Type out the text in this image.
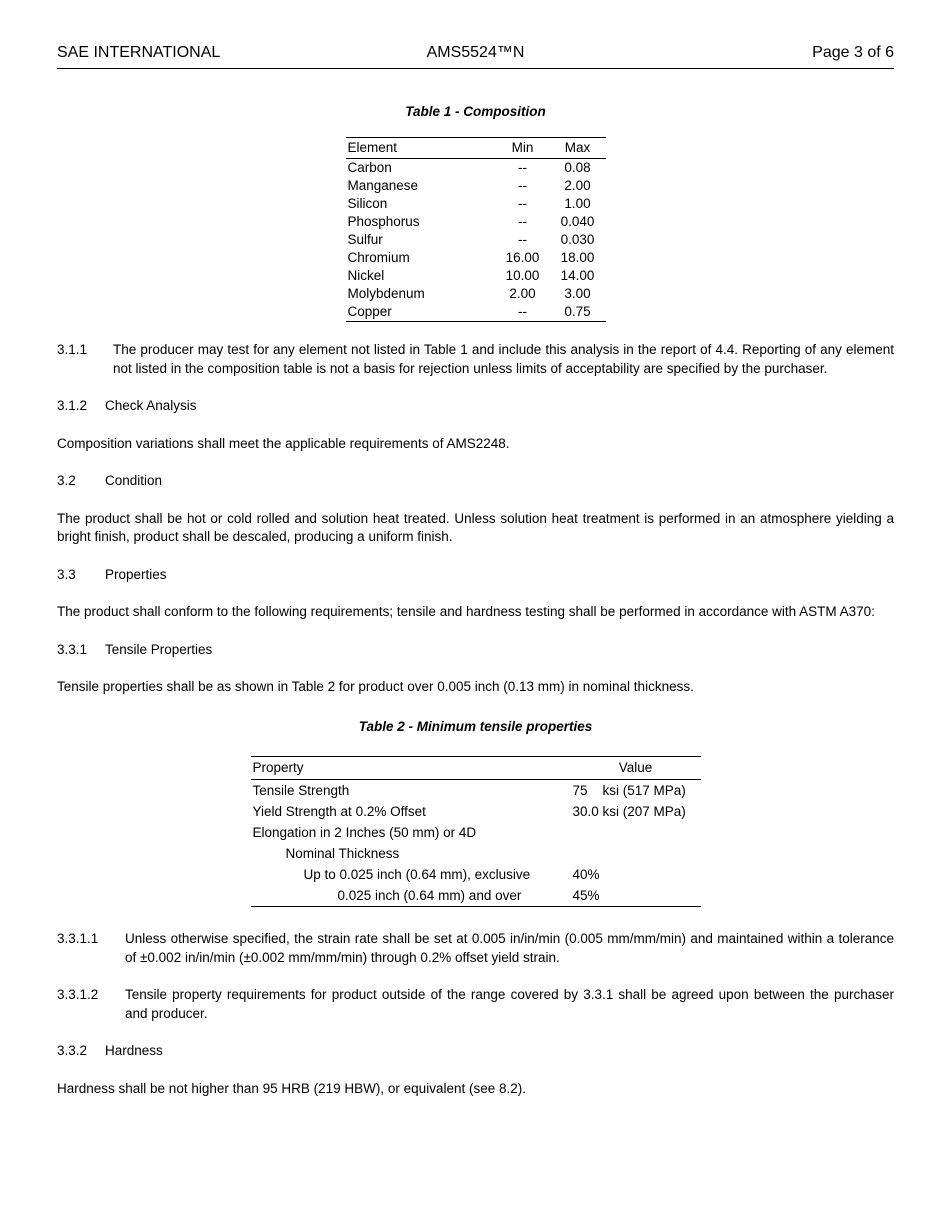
SAE INTERNATIONAL	AMS5524™N	Page 3 of 6
Table 1 - Composition
Element	Min	Max
Carbon	--	0.08
Manganese	--	2.00
Silicon	--	1.00
Phosphorus	--	0.040
Sulfur	--	0.030
Chromium	16.00	18.00
Nickel	10.00	14.00
Molybdenum	2.00	3.00
Copper	--	0.75
3.1.1	The producer may test for any element not listed in Table 1 and include this analysis in the report of 4.4. Reporting of any element not listed in the composition table is not a basis for rejection unless limits of acceptability are specified by the purchaser.
3.1.2	Check Analysis

Composition variations shall meet the applicable requirements of AMS2248.

3.2	Condition

The product shall be hot or cold rolled and solution heat treated. Unless solution heat treatment is performed in an atmosphere yielding a bright finish, product shall be descaled, producing a uniform finish.

3.3	Properties

The product shall conform to the following requirements; tensile and hardness testing shall be performed in accordance with ASTM A370:

3.3.1	Tensile Properties

Tensile properties shall be as shown in Table 2 for product over 0.005 inch (0.13 mm) in nominal thickness.

Table 2 - Minimum tensile properties
Property	Value
Tensile Strength	75    ksi (517 MPa)
Yield Strength at 0.2% Offset	30.0 ksi (207 MPa)
Elongation in 2 Inches (50 mm) or 4D	
Nominal Thickness	
Up to 0.025 inch (0.64 mm), exclusive	40%
0.025 inch (0.64 mm) and over	45%
3.3.1.1	Unless otherwise specified, the strain rate shall be set at 0.005 in/in/min (0.005 mm/mm/min) and maintained within a tolerance of ±0.002 in/in/min (±0.002 mm/mm/min) through 0.2% offset yield strain.
3.3.1.2	Tensile property requirements for product outside of the range covered by 3.3.1 shall be agreed upon between the purchaser and producer.
3.3.2	Hardness

Hardness shall be not higher than 95 HRB (219 HBW), or equivalent (see 8.2).
